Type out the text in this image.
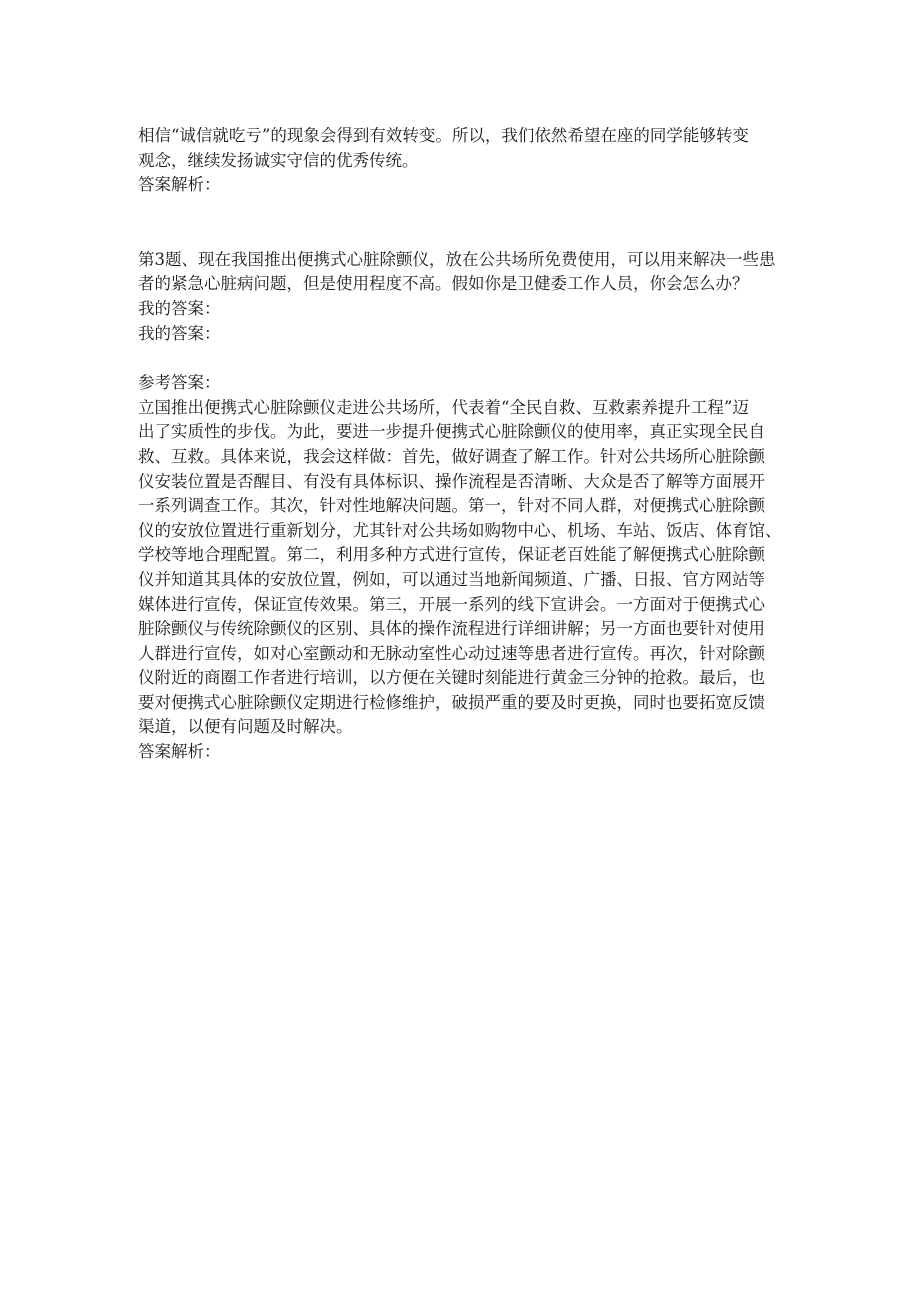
相信“诚信就吃亏”的现象会得到有效转变。所以，我们依然希望在座的同学能够转变
观念，继续发扬诚实守信的优秀传统。
答案解析：
第3题、现在我国推出便携式心脏除颤仪，放在公共场所免费使用，可以用来解决一些患
者的紧急心脏病问题，但是使用程度不高。假如你是卫健委工作人员，你会怎么办？
我的答案：
我的答案：
参考答案：
立国推出便携式心脏除颤仪走进公共场所，代表着“全民自救、互救素养提升工程”迈
出了实质性的步伐。为此，要进一步提升便携式心脏除颤仪的使用率，真正实现全民自
救、互救。具体来说，我会这样做：首先，做好调查了解工作。针对公共场所心脏除颤
仪安装位置是否醒目、有没有具体标识、操作流程是否清晰、大众是否了解等方面展开
一系列调查工作。其次，针对性地解决问题。第一，针对不同人群，对便携式心脏除颤
仪的安放位置进行重新划分，尤其针对公共场如购物中心、机场、车站、饭店、体育馆、
学校等地合理配置。第二，利用多种方式进行宣传，保证老百姓能了解便携式心脏除颤
仪并知道其具体的安放位置，例如，可以通过当地新闻频道、广播、日报、官方网站等
媒体进行宣传，保证宣传效果。第三，开展一系列的线下宣讲会。一方面对于便携式心
脏除颤仪与传统除颤仪的区别、具体的操作流程进行详细讲解；另一方面也要针对使用
人群进行宣传，如对心室颤动和无脉动室性心动过速等患者进行宣传。再次，针对除颤
仪附近的商圈工作者进行培训，以方便在关键时刻能进行黄金三分钟的抢救。最后，也
要对便携式心脏除颤仪定期进行检修维护，破损严重的要及时更换，同时也要拓宽反馈
渠道，以便有问题及时解决。
答案解析：
